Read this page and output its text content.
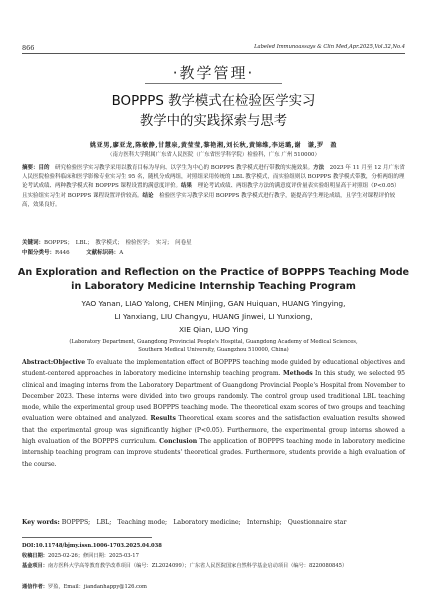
866	Labeled Immunoassays & Clin Med,Apr.2025,Vol.32,No.4
·教学管理·
BOPPPS 教学模式在检验医学实习
教学中的实践探索与思考
姚亚男,廖亚龙,陈敏静,甘慧泉,黄莹莹,黎艳湘,刘长秋,黄锦维,李运璐,谢　谦,罗　盈
（南方医科大学附属广东省人民医院（广东省医学科学院）检验科，广东 广州 510000）
摘要：目的　 研究检验医学实习教学采用以教育目标为导向、以学生为中心的 BOPPPS 教学模式进行带教的实施效果。方法　 2023 年 11 月至 12 月广东省人民医院检验科临床和医学影像专业实习生 95 名，随机分成两组，对照组采用传统的 LBL 教学模式，而实验组则以 BOPPPS 教学模式带教，分析两组的理论考试成绩、两种教学模式和 BOPPPS 课程设置的满意度评价。结果　 理论考试成绩、两组教学方法的满意度评价量表实验组明显高于对照组（P<0.05）且实验组实习生对 BOPPPS 课程设置评价较高。结论　 检验医学实习教学采用 BOPPPS 教学模式进行教学，能提高学生理论成绩，且学生对课程评价较高，效果良好。
关键词：BOPPPS；　LBL；　教学模式；　检验医学；　实习；　问卷星
中图分类号：R446　　　	文献标识码：A
An Exploration and Reflection on the Practice of BOPPPS Teaching Mode
in Laboratory Medicine Internship Teaching Program
YAO Yanan, LIAO Yalong, CHEN Minjing, GAN Huiquan, HUANG Yingying,
LI Yanxiang, LIU Changyu, HUANG Jinwei, LI Yunxiong,
XIE Qian, LUO Ying
(Laboratory Department, Guangdong Provincial People's Hospital, Guangdong Academy of Medical Sciences,
Southern Medical University, Guangzhou 510000, China)
Abstract:Objective To evaluate the implementation effect of BOPPPS teaching mode guided by educational objectives and student-centered approaches in laboratory medicine internship teaching program. Methods In this study, we selected 95 clinical and imaging interns from the Laboratory Department of Guangdong Provincial People's Hospital from November to December 2023. These interns were divided into two groups randomly. The control group used traditional LBL teaching mode, while the experimental group used BOPPPS teaching mode. The theoretical exam scores of two groups and teaching evaluation were obtained and analyzed. Results Theoretical exam scores and the satisfaction evaluation results showed that the experimental group was significantly higher (P<0.05). Furthermore, the experimental group interns showed a high evaluation of the BOPPPS curriculum. Conclusion The application of BOPPPS teaching mode in laboratory medicine internship teaching program can improve students' theoretical grades. Furthermore, students provide a high evaluation of the course.
Key words: BOPPPS;　LBL;　Teaching mode;　Laboratory medicine;　Internship;　Questionnaire star
DOI:10.11748/bjmy.issn.1006-1703.2025.04.038
收稿日期：2025-02-26；修回日期：2025-03-17
基金项目：南方医科大学高等教育教学改革项目（编号：ZL2024099）；广东省人民医院国家自然科学基金启动项目（编号：8220080845）
通信作者：罗盈，Email：jiandanhappy@126.com
